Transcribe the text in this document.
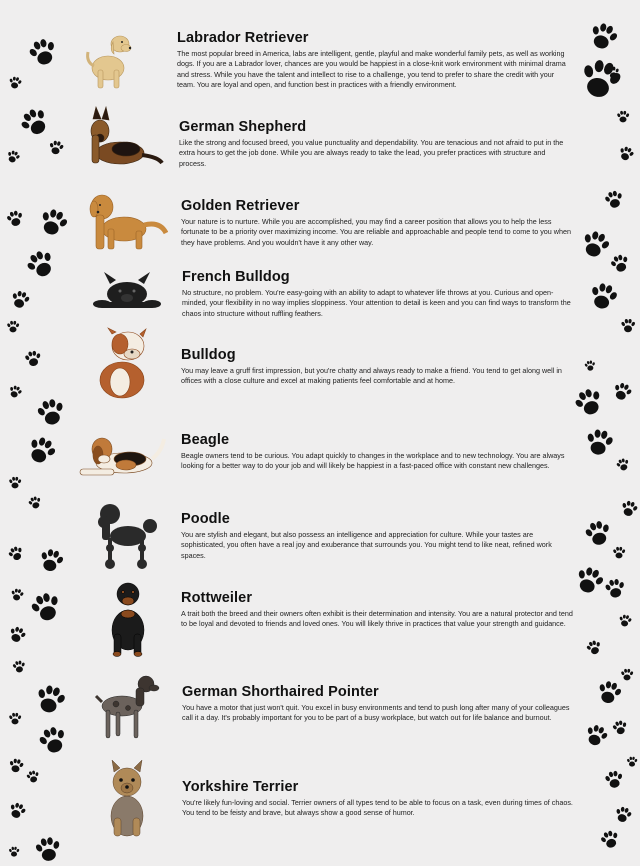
Labrador Retriever
The most popular breed in America, labs are intelligent, gentle, playful and make wonderful family pets, as well as working dogs. If you are a Labrador lover, chances are you would be happiest in a close-knit work environment with minimal drama and stress. While you have the talent and intellect to rise to a challenge, you tend to prefer to share the credit with your team. You are loyal and open, and function best in practices with a friendly environment.
German Shepherd
Like the strong and focused breed, you value punctuality and dependability. You are tenacious and not afraid to put in the extra hours to get the job done. While you are always ready to take the lead, you prefer practices with structure and process.
Golden Retriever
Your nature is to nurture. While you are accomplished, you may find a career position that allows you to help the less fortunate to be a priority over maximizing income. You are reliable and approachable and people tend to come to you when they have problems. And you wouldn't have it any other way.
French Bulldog
No structure, no problem. You're easy-going with an ability to adapt to whatever life throws at you. Curious and open-minded, your flexibility in no way implies sloppiness. Your attention to detail is keen and you can find ways to transform the chaos into structure without ruffling feathers.
Bulldog
You may leave a gruff first impression, but you're chatty and always ready to make a friend. You tend to get along well in offices with a close culture and excel at making patients feel comfortable and at home.
Beagle
Beagle owners tend to be curious. You adapt quickly to changes in the workplace and to new technology. You are always looking for a better way to do your job and will likely be happiest in a fast-paced office with constant new challenges.
Poodle
You are stylish and elegant, but also possess an intelligence and appreciation for culture. While your tastes are sophisticated, you often have a real joy and exuberance that surrounds you. You might tend to like neat, refined work spaces.
Rottweiler
A trait both the breed and their owners often exhibit is their determination and intensity. You are a natural protector and tend to be loyal and devoted to friends and loved ones. You will likely thrive in practices that value your strength and guidance.
German Shorthaired Pointer
You have a motor that just won't quit. You excel in busy environments and tend to push long after many of your colleagues call it a day. It's probably important for you to be part of a busy workplace, but watch out for life balance and burnout.
Yorkshire Terrier
You're likely fun-loving and social. Terrier owners of all types tend to be able to focus on a task, even during times of chaos. You tend to be feisty and brave, but always show a good sense of humor.
